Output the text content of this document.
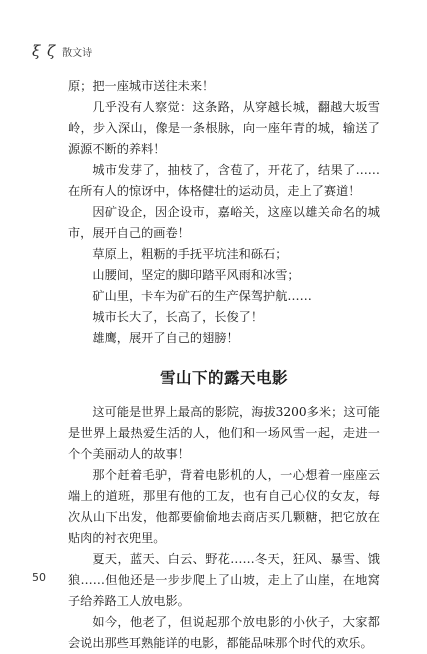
ξ ζ 散文诗

原；把一座城市送往未来！

几乎没有人察觉：这条路，从穿越长城，翻越大坂雪岭，步入深山，像是一条根脉，向一座年青的城，输送了源源不断的养料！

城市发芽了，抽枝了，含苞了，开花了，结果了……在所有人的惊讶中，体格健壮的运动员，走上了赛道！

因矿设企，因企设市，嘉峪关，这座以雄关命名的城市，展开自己的画卷！

草原上，粗粝的手抚平坑洼和砾石；

山腰间，坚定的脚印踏平风雨和冰雪；

矿山里，卡车为矿石的生产保驾护航……

城市长大了，长高了，长俊了！

雄鹰，展开了自己的翅膀！

雪山下的露天电影

这可能是世界上最高的影院，海拔3200多米；这可能是世界上最热爱生活的人，他们和一场风雪一起，走进一个个美丽动人的故事！

那个赶着毛驴，背着电影机的人，一心想着一座座云端上的道班，那里有他的工友，也有自己心仪的女友，每次从山下出发，他都要偷偷地去商店买几颗糖，把它放在贴肉的衬衣兜里。

夏天，蓝天、白云、野花……冬天，狂风、暴雪、饿狼……但他还是一步步爬上了山坡，走上了山崖，在地窝子给养路工人放电影。

如今，他老了，但说起那个放电影的小伙子，大家都会说出那些耳熟能详的电影，都能品味那个时代的欢乐。

50
